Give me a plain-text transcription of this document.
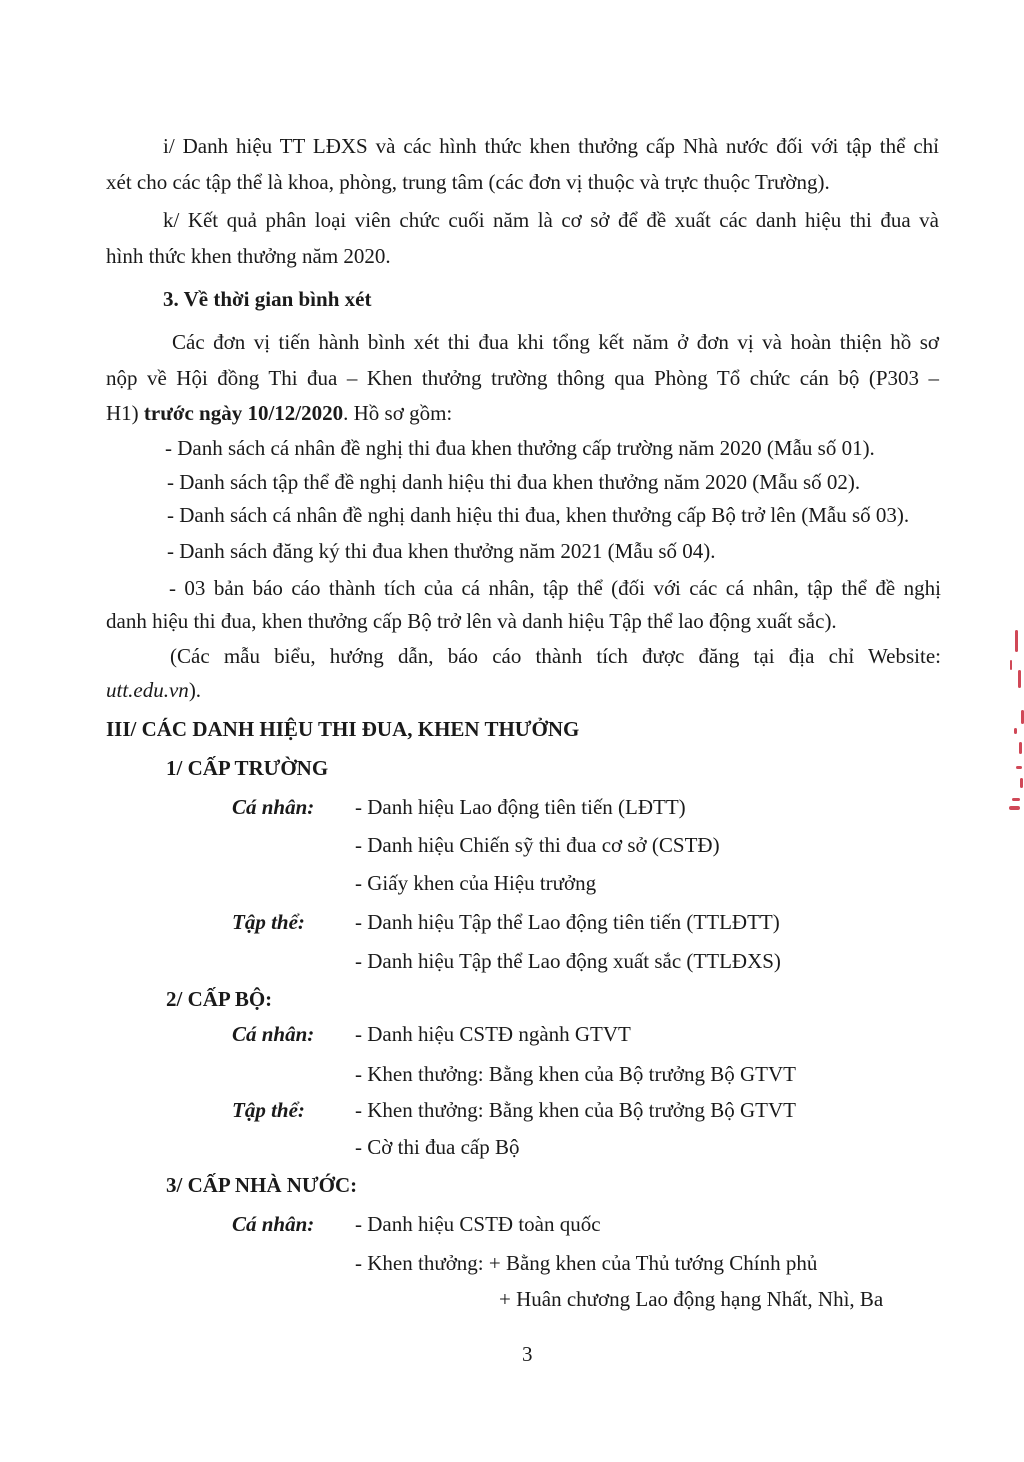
i/ Danh hiệu TT LĐXS và các hình thức khen thưởng cấp Nhà nước đối với tập thể chỉ
xét cho các tập thể là khoa, phòng, trung tâm (các đơn vị thuộc và trực thuộc Trường).
k/ Kết quả phân loại viên chức cuối năm là cơ sở để đề xuất các danh hiệu thi đua và
hình thức khen thưởng năm 2020.
3. Về thời gian bình xét
Các đơn vị tiến hành bình xét thi đua khi tổng kết năm ở đơn vị và hoàn thiện hồ sơ
nộp về Hội đồng Thi đua – Khen thưởng trường thông qua Phòng Tổ chức cán bộ (P303 –
H1) trước ngày 10/12/2020. Hồ sơ gồm:
- Danh sách cá nhân đề nghị thi đua khen thưởng cấp trường năm 2020 (Mẫu số 01).
- Danh sách tập thể đề nghị danh hiệu thi đua khen thưởng năm 2020 (Mẫu số 02).
- Danh sách cá nhân đề nghị danh hiệu thi đua, khen thưởng cấp Bộ trở lên (Mẫu số 03).
- Danh sách đăng ký thi đua khen thưởng năm 2021 (Mẫu số 04).
- 03 bản báo cáo thành tích của cá nhân, tập thể (đối với các cá nhân, tập thể đề nghị
danh hiệu thi đua, khen thưởng cấp Bộ trở lên và danh hiệu Tập thể lao động xuất sắc).
(Các mẫu biểu, hướng dẫn, báo cáo thành tích được đăng tại địa chỉ Website:
utt.edu.vn).
III/ CÁC DANH HIỆU THI ĐUA, KHEN THƯỞNG
1/ CẤP TRƯỜNG
Cá nhân: - Danh hiệu Lao động tiên tiến (LĐTT)
- Danh hiệu Chiến sỹ thi đua cơ sở (CSTĐ)
- Giấy khen của Hiệu trưởng
Tập thể: - Danh hiệu Tập thể Lao động tiên tiến (TTLĐTT)
- Danh hiệu Tập thể Lao động xuất sắc (TTLĐXS)
2/ CẤP BỘ:
Cá nhân: - Danh hiệu CSTĐ ngành GTVT
- Khen thưởng: Bằng khen của Bộ trưởng Bộ GTVT
Tập thể: - Khen thưởng: Bằng khen của Bộ trưởng Bộ GTVT
- Cờ thi đua cấp Bộ
3/ CẤP NHÀ NƯỚC:
Cá nhân: - Danh hiệu CSTĐ toàn quốc
- Khen thưởng: + Bằng khen của Thủ tướng Chính phủ
+ Huân chương Lao động hạng Nhất, Nhì, Ba
3
